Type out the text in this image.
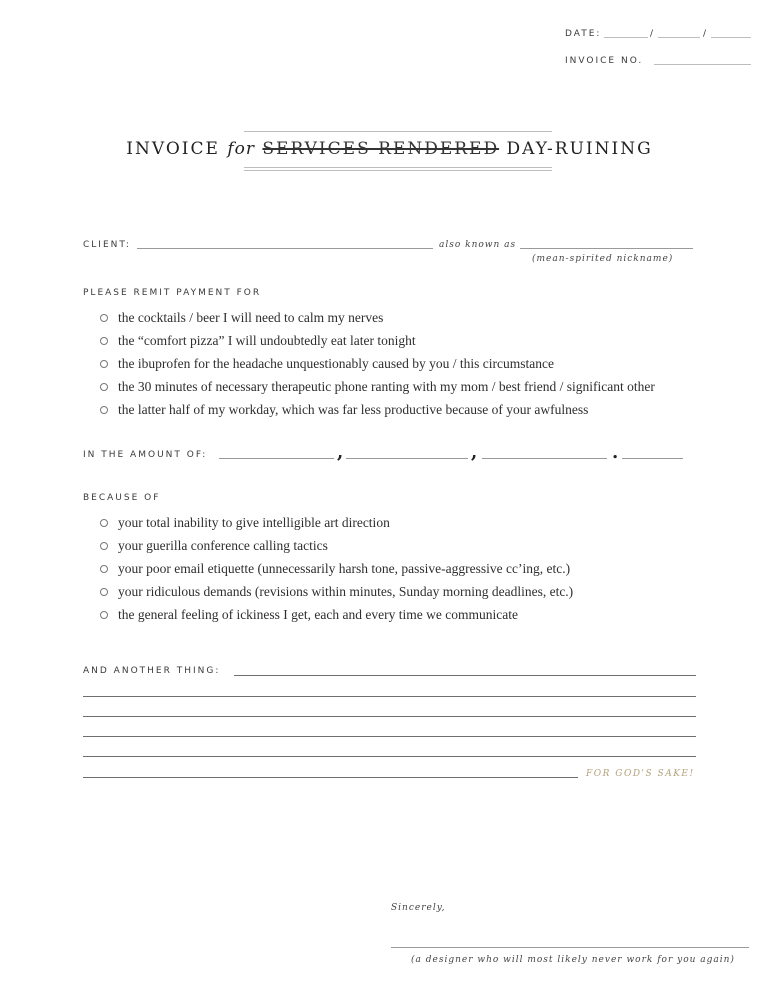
DATE:	/	/
INVOICE NO.
INVOICE for SERVICES RENDERED DAY-RUINING
CLIENT:	also known as
(mean-spirited nickname)
PLEASE REMIT PAYMENT FOR
the cocktails / beer I will need to calm my nerves
the “comfort pizza” I will undoubtedly eat later tonight
the ibuprofen for the headache unquestionably caused by you / this circumstance
the 30 minutes of necessary therapeutic phone ranting with my mom / best friend / significant other
the latter half of my workday, which was far less productive because of your awfulness
IN THE AMOUNT OF:	,	,	.
BECAUSE OF
your total inability to give intelligible art direction
your guerilla conference calling tactics
your poor email etiquette (unnecessarily harsh tone, passive-aggressive cc’ing, etc.)
your ridiculous demands (revisions within minutes, Sunday morning deadlines, etc.)
the general feeling of ickiness I get, each and every time we communicate
AND ANOTHER THING:
FOR GOD'S SAKE!
Sincerely,
(a designer who will most likely never work for you again)
